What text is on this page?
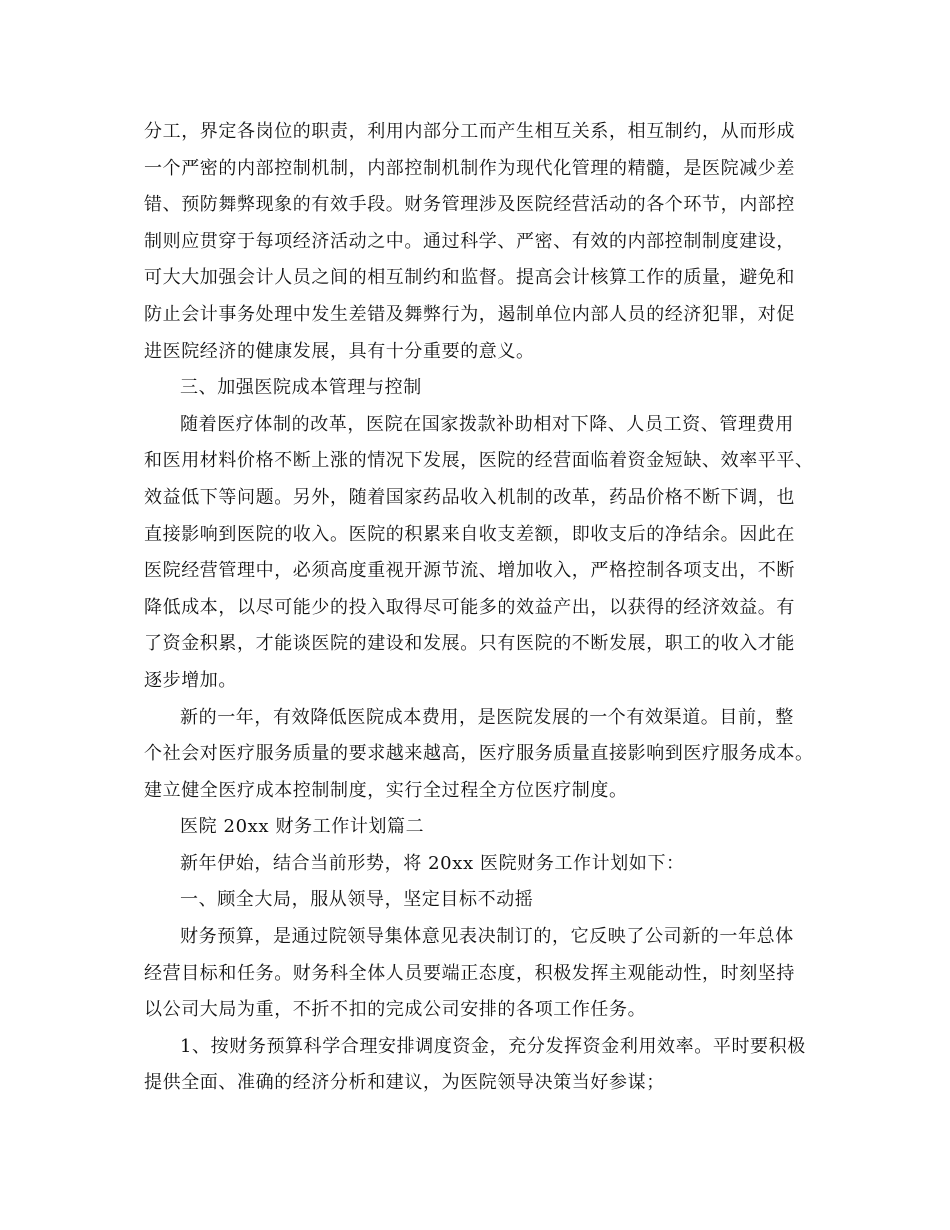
分工，界定各岗位的职责，利用内部分工而产生相互关系，相互制约，从而形成
一个严密的内部控制机制，内部控制机制作为现代化管理的精髓，是医院减少差
错、预防舞弊现象的有效手段。财务管理涉及医院经营活动的各个环节，内部控
制则应贯穿于每项经济活动之中。通过科学、严密、有效的内部控制制度建设，
可大大加强会计人员之间的相互制约和监督。提高会计核算工作的质量，避免和
防止会计事务处理中发生差错及舞弊行为，遏制单位内部人员的经济犯罪，对促
进医院经济的健康发展，具有十分重要的意义。
三、加强医院成本管理与控制
随着医疗体制的改革，医院在国家拨款补助相对下降、人员工资、管理费用
和医用材料价格不断上涨的情况下发展，医院的经营面临着资金短缺、效率平平、
效益低下等问题。另外，随着国家药品收入机制的改革，药品价格不断下调，也
直接影响到医院的收入。医院的积累来自收支差额，即收支后的净结余。因此在
医院经营管理中，必须高度重视开源节流、增加收入，严格控制各项支出，不断
降低成本，以尽可能少的投入取得尽可能多的效益产出，以获得的经济效益。有
了资金积累，才能谈医院的建设和发展。只有医院的不断发展，职工的收入才能
逐步增加。
新的一年，有效降低医院成本费用，是医院发展的一个有效渠道。目前，整
个社会对医疗服务质量的要求越来越高，医疗服务质量直接影响到医疗服务成本。
建立健全医疗成本控制制度，实行全过程全方位医疗制度。
医院 20xx 财务工作计划篇二
新年伊始，结合当前形势，将 20xx 医院财务工作计划如下：
一、顾全大局，服从领导，坚定目标不动摇
财务预算，是通过院领导集体意见表决制订的，它反映了公司新的一年总体
经营目标和任务。财务科全体人员要端正态度，积极发挥主观能动性，时刻坚持
以公司大局为重，不折不扣的完成公司安排的各项工作任务。
1、按财务预算科学合理安排调度资金，充分发挥资金利用效率。平时要积极
提供全面、准确的经济分析和建议，为医院领导决策当好参谋；
